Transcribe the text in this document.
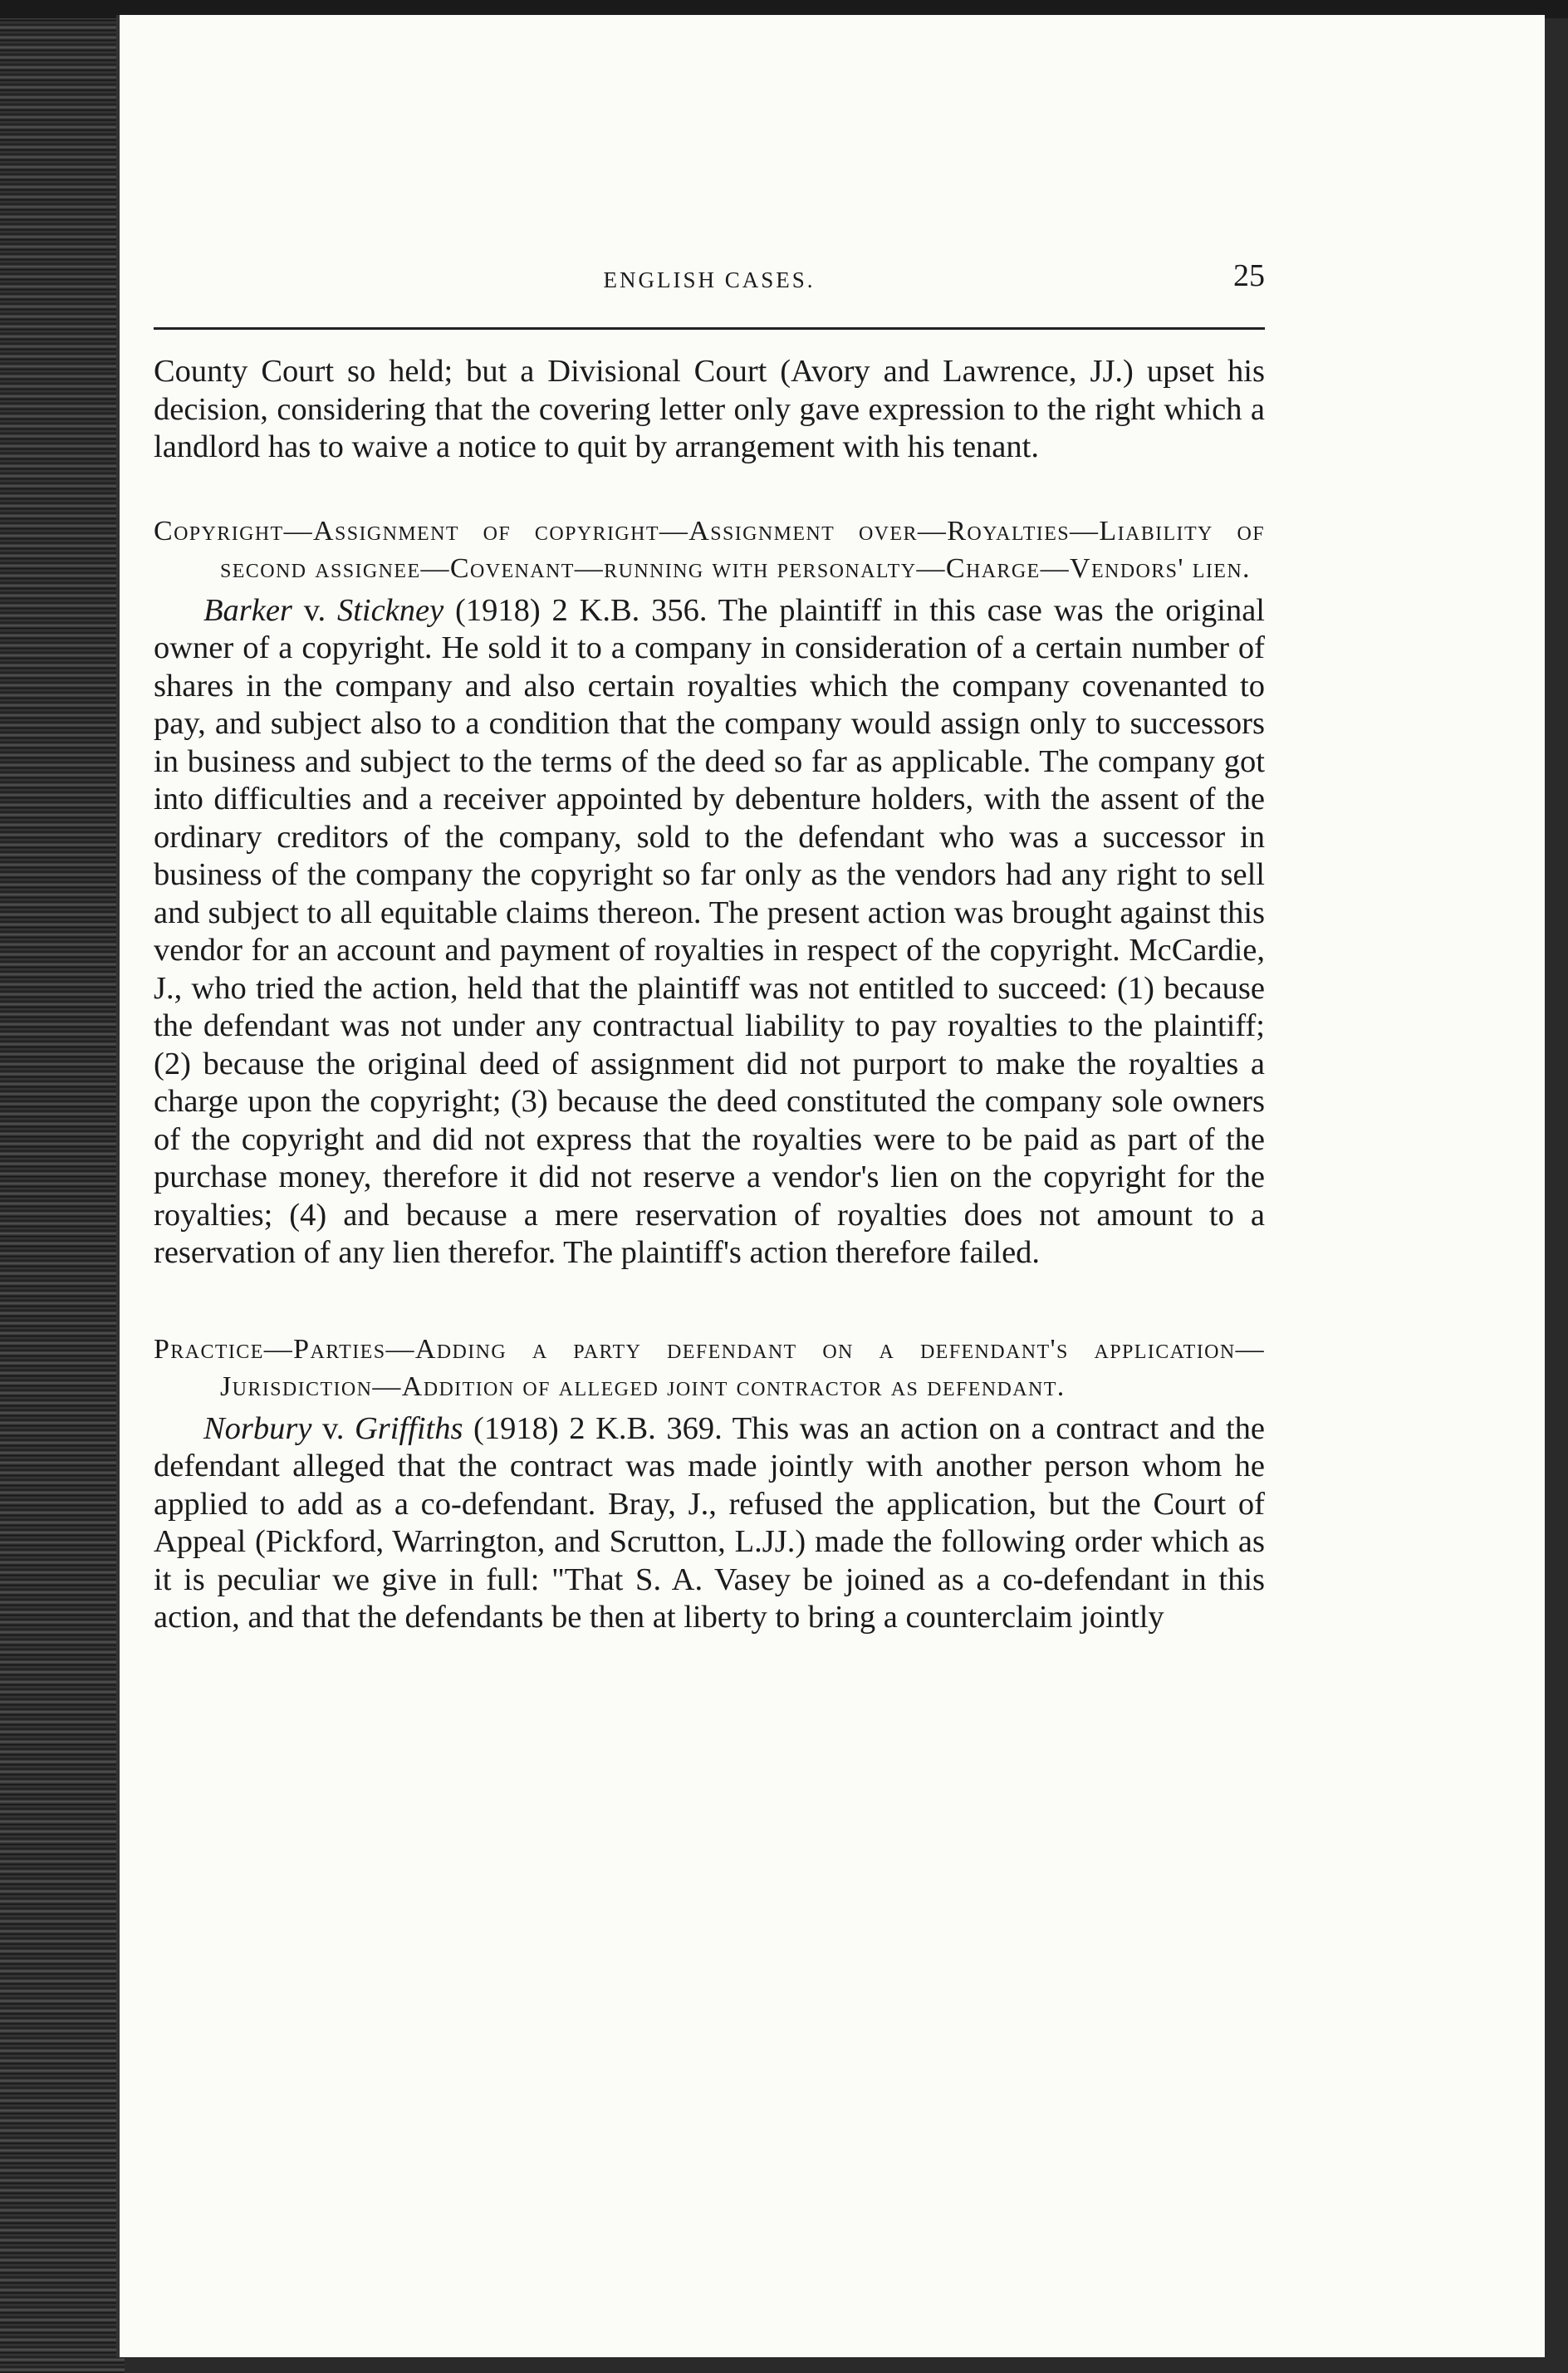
ENGLISH CASES.	25

County Court so held; but a Divisional Court (Avory and Lawrence, JJ.) upset his decision, considering that the covering letter only gave expression to the right which a landlord has to waive a notice to quit by arrangement with his tenant.

Copyright—Assignment of copyright—Assignment over—Royalties—Liability of second assignee—Covenant—running with personalty—Charge—Vendors' lien.

Barker v. Stickney (1918) 2 K.B. 356. The plaintiff in this case was the original owner of a copyright. He sold it to a company in consideration of a certain number of shares in the company and also certain royalties which the company covenanted to pay, and subject also to a condition that the company would assign only to successors in business and subject to the terms of the deed so far as applicable. The company got into difficulties and a receiver appointed by debenture holders, with the assent of the ordinary creditors of the company, sold to the defendant who was a successor in business of the company the copyright so far only as the vendors had any right to sell and subject to all equitable claims thereon. The present action was brought against this vendor for an account and payment of royalties in respect of the copyright. McCardie, J., who tried the action, held that the plaintiff was not entitled to succeed: (1) because the defendant was not under any contractual liability to pay royalties to the plaintiff; (2) because the original deed of assignment did not purport to make the royalties a charge upon the copyright; (3) because the deed constituted the company sole owners of the copyright and did not express that the royalties were to be paid as part of the purchase money, therefore it did not reserve a vendor's lien on the copyright for the royalties; (4) and because a mere reservation of royalties does not amount to a reservation of any lien therefor. The plaintiff's action therefore failed.

Practice—Parties—Adding a party defendant on a defendant's application—Jurisdiction—Addition of alleged joint contractor as defendant.

Norbury v. Griffiths (1918) 2 K.B. 369. This was an action on a contract and the defendant alleged that the contract was made jointly with another person whom he applied to add as a co-defendant. Bray, J., refused the application, but the Court of Appeal (Pickford, Warrington, and Scrutton, L.JJ.) made the following order which as it is peculiar we give in full: "That S. A. Vasey be joined as a co-defendant in this action, and that the defendants be then at liberty to bring a counterclaim jointly
